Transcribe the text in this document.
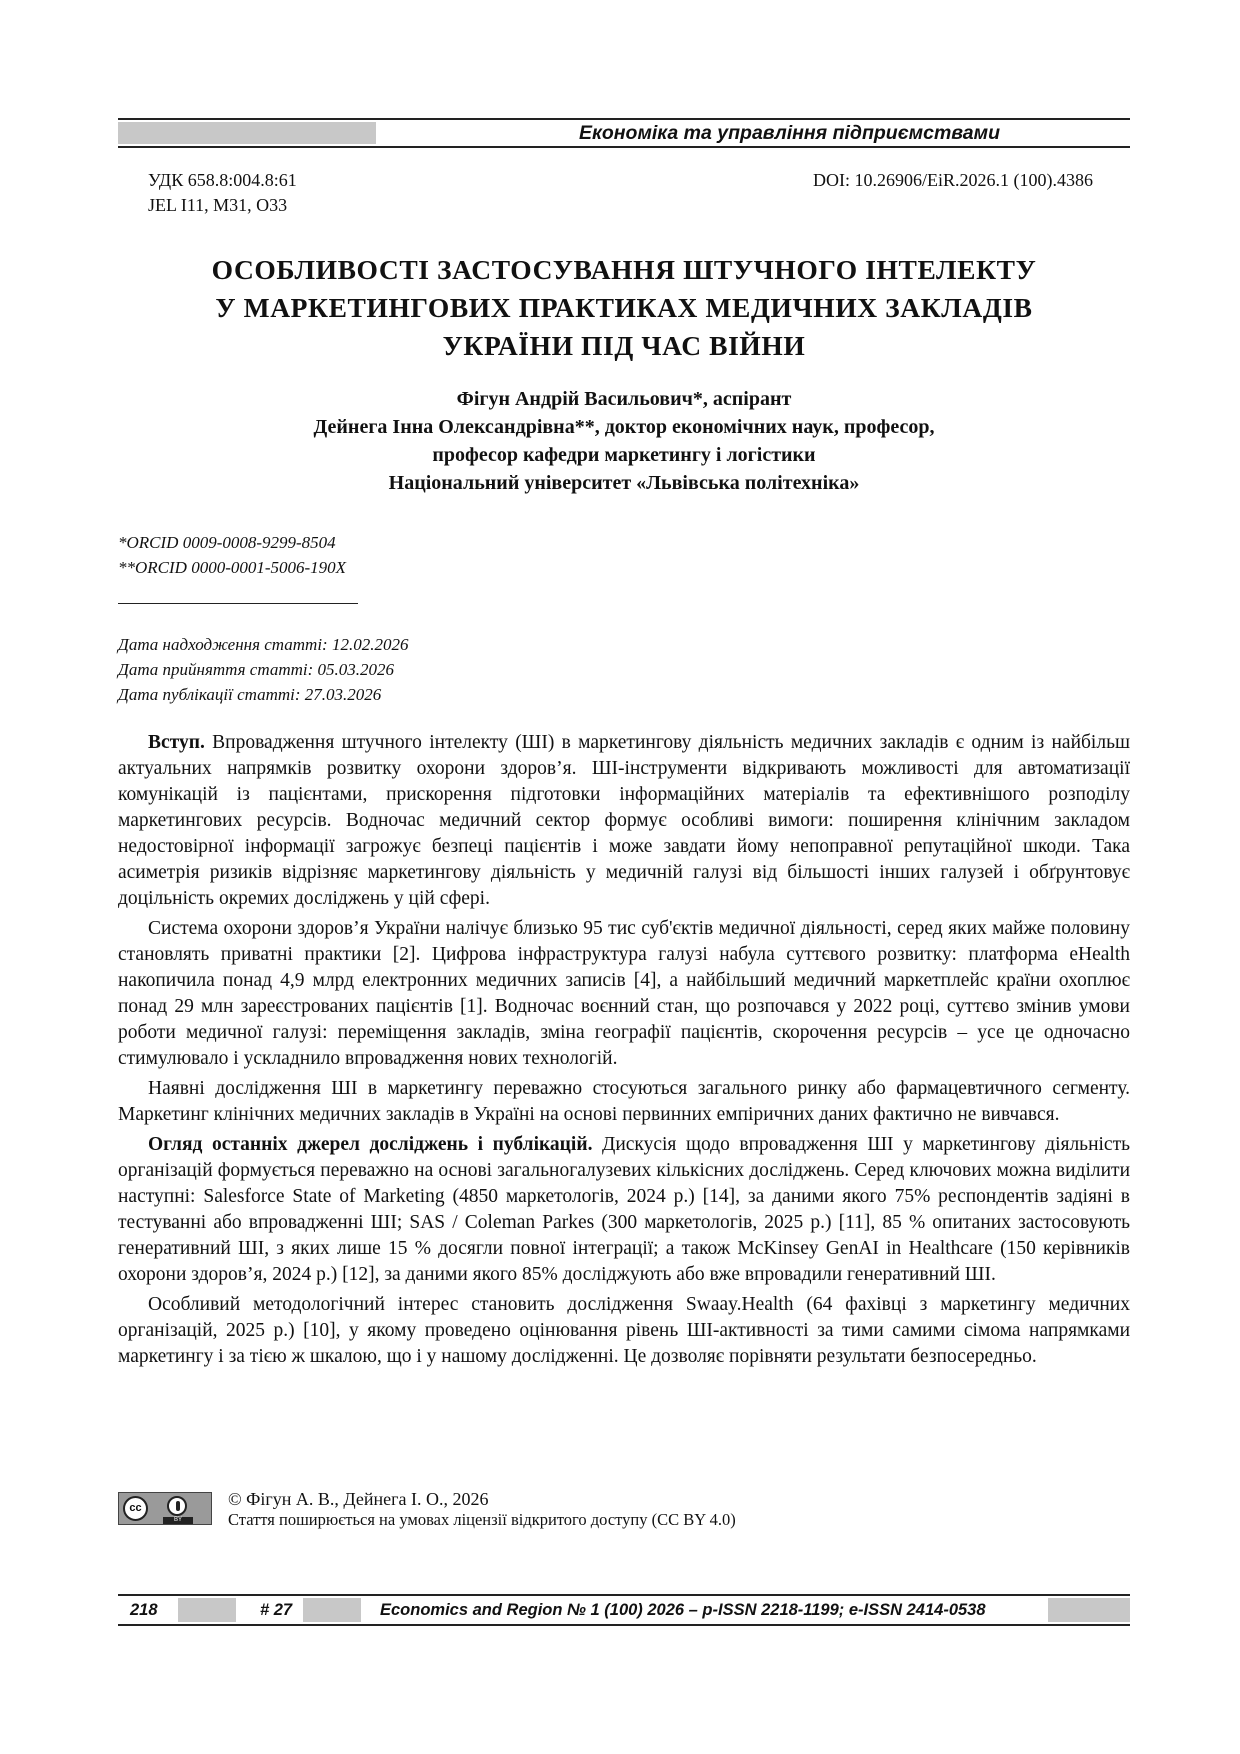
Економіка та управління підприємствами
УДК 658.8:004.8:61
JEL I11, M31, O33
DOI: 10.26906/EiR.2026.1 (100).4386
ОСОБЛИВОСТІ ЗАСТОСУВАННЯ ШТУЧНОГО ІНТЕЛЕКТУ
У МАРКЕТИНГОВИХ ПРАКТИКАХ МЕДИЧНИХ ЗАКЛАДІВ
УКРАЇНИ ПІД ЧАС ВІЙНИ
Фігун Андрій Васильович*, аспірант
Дейнега Інна Олександрівна**, доктор економічних наук, професор,
професор кафедри маркетингу і логістики
Національний університет «Львівська політехніка»
*ORCID 0009-0008-9299-8504
**ORCID 0000-0001-5006-190X
Дата надходження статті: 12.02.2026
Дата прийняття статті: 05.03.2026
Дата публікації статті: 27.03.2026

Вступ. Впровадження штучного інтелекту (ШІ) в маркетингову діяльність медичних закладів є одним із найбільш актуальних напрямків розвитку охорони здоров’я. ШІ-інструменти відкривають можливості для автоматизації комунікацій із пацієнтами, прискорення підготовки інформаційних матеріалів та ефективнішого розподілу маркетингових ресурсів. Водночас медичний сектор формує особливі вимоги: поширення клінічним закладом недостовірної інформації загрожує безпеці пацієнтів і може завдати йому непоправної репутаційної шкоди. Така асиметрія ризиків відрізняє маркетингову діяльність у медичній галузі від більшості інших галузей і обґрунтовує доцільність окремих досліджень у цій сфері.

Система охорони здоров’я України налічує близько 95 тис суб'єктів медичної діяльності, серед яких майже половину становлять приватні практики [2]. Цифрова інфраструктура галузі набула суттєвого розвитку: платформа eHealth накопичила понад 4,9 млрд електронних медичних записів [4], а найбільший медичний маркетплейс країни охоплює понад 29 млн зареєстрованих пацієнтів [1]. Водночас воєнний стан, що розпочався у 2022 році, суттєво змінив умови роботи медичної галузі: переміщення закладів, зміна географії пацієнтів, скорочення ресурсів – усе це одночасно стимулювало і ускладнило впровадження нових технологій.

Наявні дослідження ШІ в маркетингу переважно стосуються загального ринку або фармацевтичного сегменту. Маркетинг клінічних медичних закладів в Україні на основі первинних емпіричних даних фактично не вивчався.

Огляд останніх джерел досліджень і публікацій. Дискусія щодо впровадження ШІ у маркетингову діяльність організацій формується переважно на основі загальногалузевих кількісних досліджень. Серед ключових можна виділити наступні: Salesforce State of Marketing (4850 маркетологів, 2024 р.) [14], за даними якого 75% респондентів задіяні в тестуванні або впровадженні ШІ; SAS / Coleman Parkes (300 маркетологів, 2025 р.) [11], 85 % опитаних застосовують генеративний ШІ, з яких лише 15 % досягли повної інтеграції; а також McKinsey GenAI in Healthcare (150 керівників охорони здоров’я, 2024 р.) [12], за даними якого 85% досліджують або вже впровадили генеративний ШІ.

Особливий методологічний інтерес становить дослідження Swaay.Health (64 фахівці з маркетингу медичних організацій, 2025 р.) [10], у якому проведено оцінювання рівень ШІ-активності за тими самими сімома напрямками маркетингу і за тією ж шкалою, що і у нашому дослідженні. Це дозволяє порівняти результати безпосередньо.

cc
BY
© Фігун А. В., Дейнега І. О., 2026
Стаття поширюється на умовах ліцензії відкритого доступу (CC BY 4.0)
218	# 27	Economics and Region № 1 (100) 2026 – p-ISSN 2218-1199; e-ISSN 2414-0538
